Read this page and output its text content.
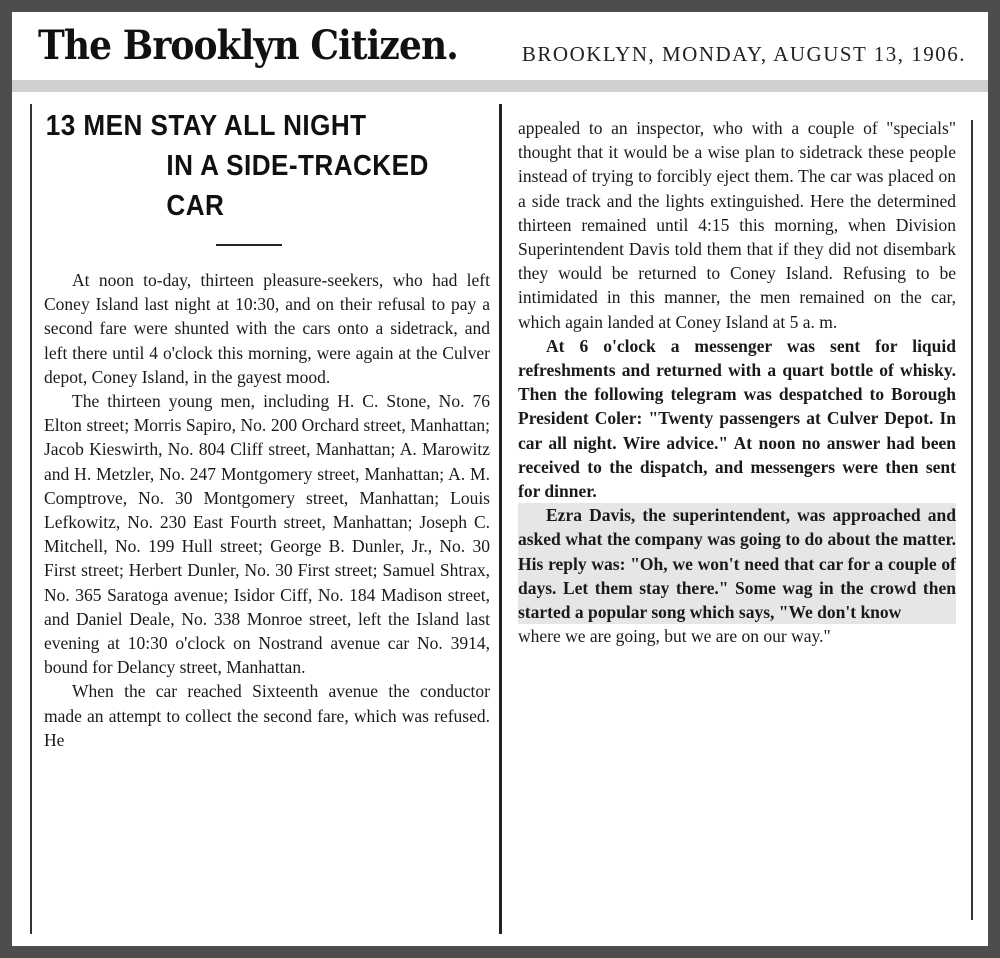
The Brooklyn Citizen.	BROOKLYN, MONDAY, AUGUST 13, 1906.
13 MEN STAY ALL NIGHT
IN A SIDE-TRACKED CAR

At noon to-day, thirteen pleasure-seekers, who had left Coney Island last night at 10:30, and on their refusal to pay a second fare were shunted with the cars onto a sidetrack, and left there until 4 o'clock this morning, were again at the Culver depot, Coney Island, in the gayest mood.

The thirteen young men, including H. C. Stone, No. 76 Elton street; Morris Sapiro, No. 200 Orchard street, Manhattan; Jacob Kieswirth, No. 804 Cliff street, Manhattan; A. Marowitz and H. Metzler, No. 247 Montgomery street, Manhattan; A. M. Comptrove, No. 30 Montgomery street, Manhattan; Louis Lefkowitz, No. 230 East Fourth street, Manhattan; Joseph C. Mitchell, No. 199 Hull street; George B. Dunler, Jr., No. 30 First street; Herbert Dunler, No. 30 First street; Samuel Shtrax, No. 365 Saratoga avenue; Isidor Ciff, No. 184 Madison street, and Daniel Deale, No. 338 Monroe street, left the Island last evening at 10:30 o'clock on Nostrand avenue car No. 3914, bound for Delancy street, Manhattan.

When the car reached Sixteenth avenue the conductor made an attempt to collect the second fare, which was refused. He

appealed to an inspector, who with a couple of "specials" thought that it would be a wise plan to sidetrack these people instead of trying to forcibly eject them. The car was placed on a side track and the lights extinguished. Here the determined thirteen remained until 4:15 this morning, when Division Superintendent Davis told them that if they did not disembark they would be returned to Coney Island. Refusing to be intimidated in this manner, the men remained on the car, which again landed at Coney Island at 5 a. m.

At 6 o'clock a messenger was sent for liquid refreshments and returned with a quart bottle of whisky. Then the following telegram was despatched to Borough President Coler: "Twenty passengers at Culver Depot. In car all night. Wire advice." At noon no answer had been received to the dispatch, and messengers were then sent for dinner.

Ezra Davis, the superintendent, was approached and asked what the company was going to do about the matter. His reply was: "Oh, we won't need that car for a couple of days. Let them stay there." Some wag in the crowd then started a popular song which says, "We don't know

where we are going, but we are on our way."
